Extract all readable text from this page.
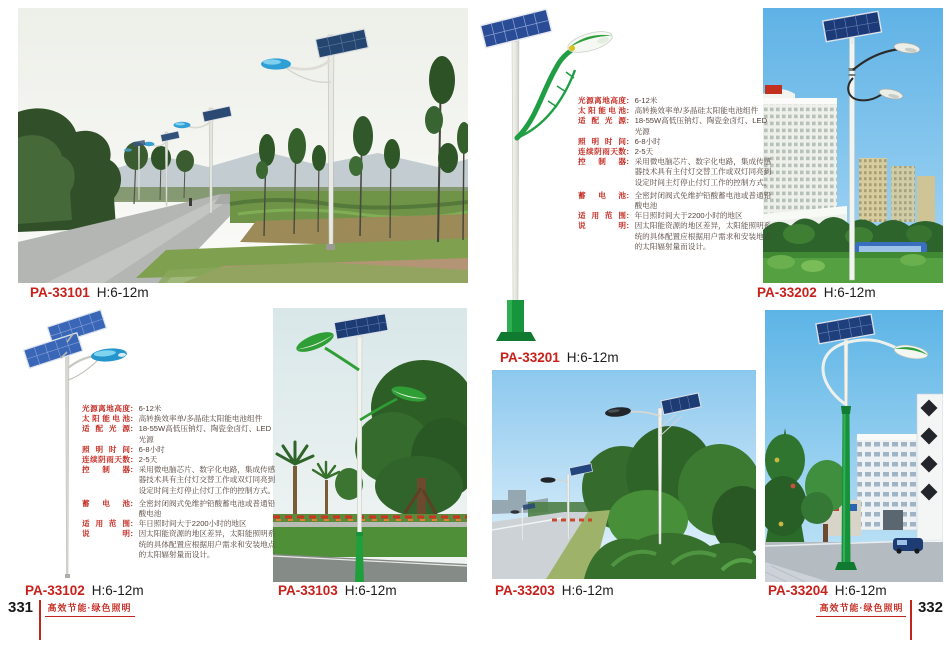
光源离地高度 ： 6-12米
太阳能电池 ： 高转换效率单/多晶硅太阳能电池组件
适配光源 ： 18-55W高低压钠灯、陶瓷金卤灯、LED光源
照明时间 ： 6-8小时
连续阴雨天数 ： 2-5天
控制器 ： 采用微电脑芯片、数字化电路，集成传感器技术具有主付灯交替工作或双灯同亮到设定时间主灯停止付灯工作的控制方式。
蓄电池 ： 全密封闭阀式免维护铅酸蓄电池或普通铅酸电池
适用范围 ： 年日照时间大于2200小时的地区
说明 ： 因太阳能资源的地区差异，太阳能照明系统的具体配置应根据用户需求和安装地点的太阳辐射量而设计。
光源离地高度 ： 6-12米
太阳能电池 ： 高转换效率单/多晶硅太阳能电池组件
适配光源 ： 18-55W高低压钠灯、陶瓷金卤灯、LED光源
照明时间 ： 6-8小时
连续阴雨天数 ： 2-5天
控制器 ： 采用微电脑芯片、数字化电路，集成传感器技术具有主付灯交替工作或双灯同亮到设定时间主灯停止付灯工作的控制方式。
蓄电池 ： 全密封闭阀式免维护铅酸蓄电池或普通铅酸电池
适用范围 ： 年日照时间大于2200小时的地区
说明 ： 因太阳能资源的地区差异，太阳能照明系统的具体配置应根据用户需求和安装地点的太阳辐射量而设计。
PA-33101 H:6-12m
PA-33102 H:6-12m	PA-33103 H:6-12m
PA-33201 H:6-12m
PA-33202 H:6-12m
PA-33203 H:6-12m	PA-33204 H:6-12m
331	高效节能·绿色照明	高效节能·绿色照明 332
